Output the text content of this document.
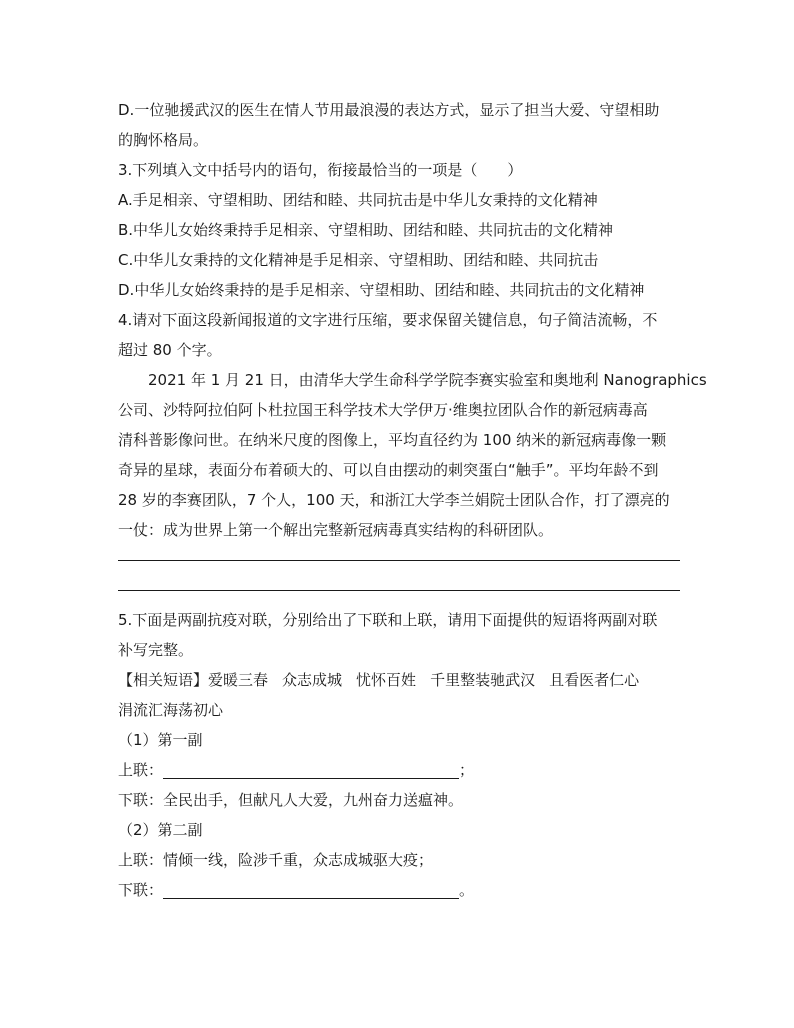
D.一位驰援武汉的医生在情人节用最浪漫的表达方式，显示了担当大爱、守望相助
的胸怀格局。
3.下列填入文中括号内的语句，衔接最恰当的一项是（　　）
A.手足相亲、守望相助、团结和睦、共同抗击是中华儿女秉持的文化精神
B.中华儿女始终秉持手足相亲、守望相助、团结和睦、共同抗击的文化精神
C.中华儿女秉持的文化精神是手足相亲、守望相助、团结和睦、共同抗击
D.中华儿女始终秉持的是手足相亲、守望相助、团结和睦、共同抗击的文化精神
4.请对下面这段新闻报道的文字进行压缩，要求保留关键信息，句子简洁流畅，不
超过 80 个字。
2021 年 1 月 21 日，由清华大学生命科学学院李赛实验室和奥地利 Nanographics
公司、沙特阿拉伯阿卜杜拉国王科学技术大学伊万·维奥拉团队合作的新冠病毒高
清科普影像问世。在纳米尺度的图像上，平均直径约为 100 纳米的新冠病毒像一颗
奇异的星球，表面分布着硕大的、可以自由摆动的刺突蛋白“触手”。平均年龄不到
28 岁的李赛团队，7 个人，100 天，和浙江大学李兰娟院士团队合作，打了漂亮的
一仗：成为世界上第一个解出完整新冠病毒真实结构的科研团队。
5.下面是两副抗疫对联，分别给出了下联和上联，请用下面提供的短语将两副对联
补写完整。
【相关短语】爱暖三春 众志成城 忧怀百姓 千里整装驰武汉 且看医者仁心
涓流汇海荡初心
（1）第一副
上联：	；
下联：全民出手，但献凡人大爱，九州奋力送瘟神。
（2）第二副
上联：情倾一线，险涉千重，众志成城驱大疫；
下联：	。
